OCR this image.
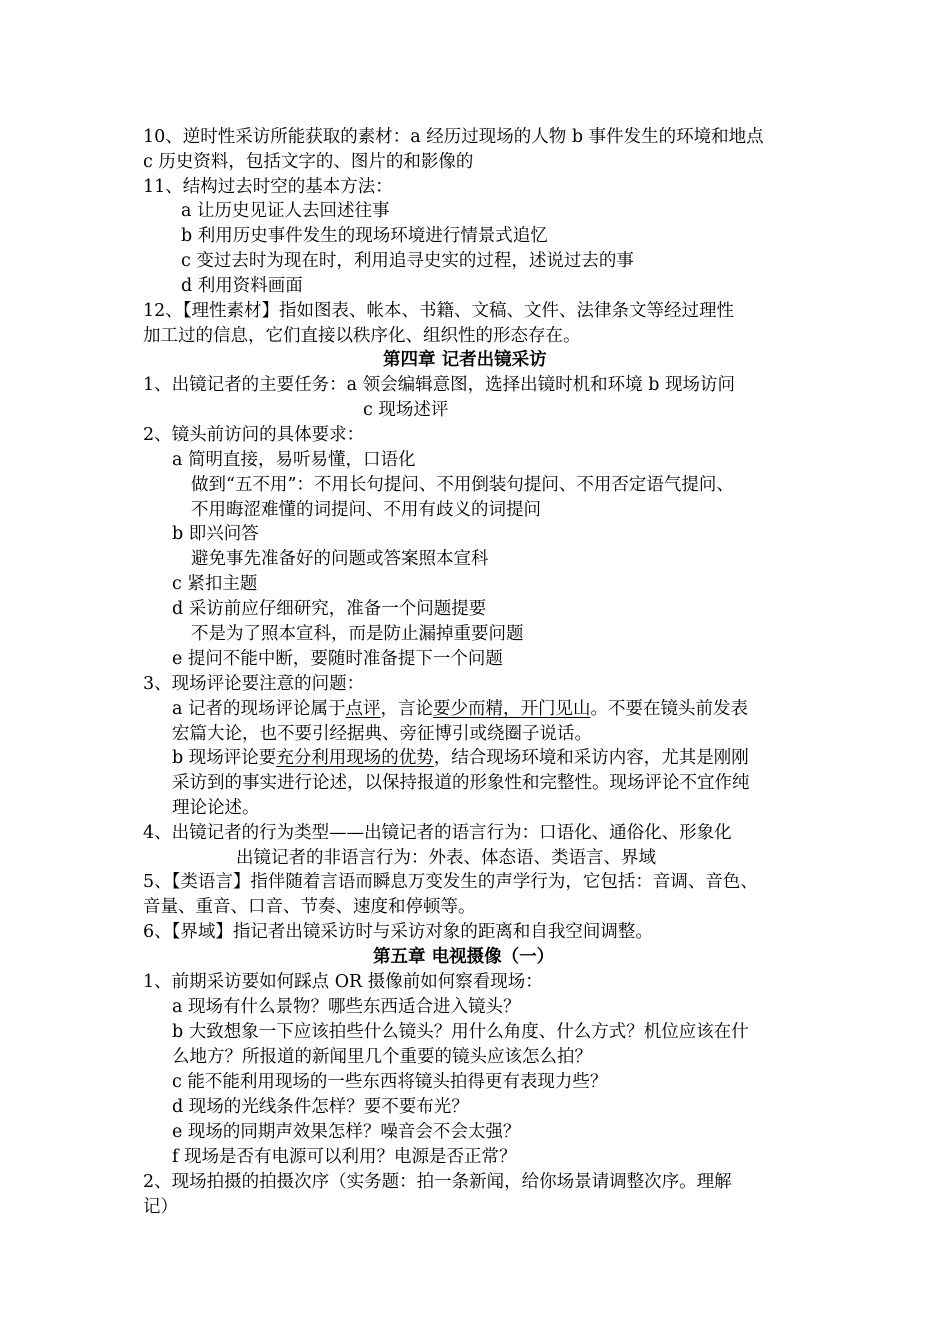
10、逆时性采访所能获取的素材：a 经历过现场的人物 b 事件发生的环境和地点
c 历史资料，包括文字的、图片的和影像的
11、结构过去时空的基本方法：
a 让历史见证人去回述往事
b 利用历史事件发生的现场环境进行情景式追忆
c 变过去时为现在时，利用追寻史实的过程，述说过去的事
d 利用资料画面
12、【理性素材】指如图表、帐本、书籍、文稿、文件、法律条文等经过理性
加工过的信息，它们直接以秩序化、组织性的形态存在。
第四章 记者出镜采访
1、出镜记者的主要任务：a 领会编辑意图，选择出镜时机和环境 b 现场访问
c 现场述评
2、镜头前访问的具体要求：
a 简明直接，易听易懂，口语化
做到“五不用”：不用长句提问、不用倒装句提问、不用否定语气提问、
不用晦涩难懂的词提问、不用有歧义的词提问
b 即兴问答
避免事先准备好的问题或答案照本宣科
c 紧扣主题
d 采访前应仔细研究，准备一个问题提要
不是为了照本宣科，而是防止漏掉重要问题
e 提问不能中断，要随时准备提下一个问题
3、现场评论要注意的问题：
a 记者的现场评论属于点评，言论要少而精，开门见山。不要在镜头前发表
宏篇大论，也不要引经据典、旁征博引或绕圈子说话。
b 现场评论要充分利用现场的优势，结合现场环境和采访内容，尤其是刚刚
采访到的事实进行论述，以保持报道的形象性和完整性。现场评论不宜作纯
理论论述。
4、出镜记者的行为类型——出镜记者的语言行为：口语化、通俗化、形象化
出镜记者的非语言行为：外表、体态语、类语言、界域
5、【类语言】指伴随着言语而瞬息万变发生的声学行为，它包括：音调、音色、
音量、重音、口音、节奏、速度和停顿等。
6、【界域】指记者出镜采访时与采访对象的距离和自我空间调整。
第五章 电视摄像（一）
1、前期采访要如何踩点 OR 摄像前如何察看现场：
a 现场有什么景物？哪些东西适合进入镜头？
b 大致想象一下应该拍些什么镜头？用什么角度、什么方式？机位应该在什
么地方？所报道的新闻里几个重要的镜头应该怎么拍？
c 能不能利用现场的一些东西将镜头拍得更有表现力些？
d 现场的光线条件怎样？要不要布光？
e 现场的同期声效果怎样？噪音会不会太强？
f 现场是否有电源可以利用？电源是否正常？
2、现场拍摄的拍摄次序（实务题：拍一条新闻，给你场景请调整次序。理解
记）
